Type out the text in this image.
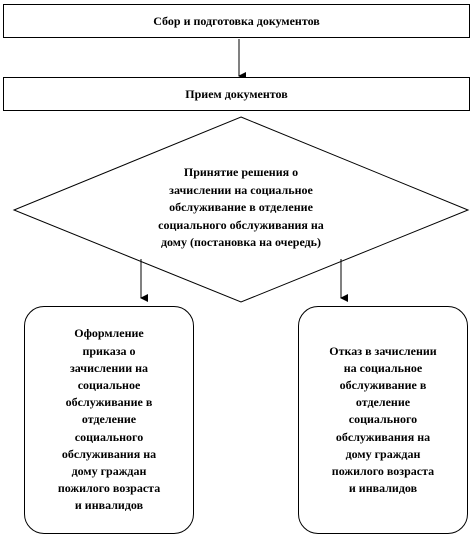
Сбор и подготовка документов
Прием документов
Принятие решения о
зачислении на социальное
обслуживание в отделение
социального обслуживания на
дому (постановка на очередь)
Оформление
приказа о
зачислении на
социальное
обслуживание в
отделение
социального
обслуживания на
дому граждан
пожилого возраста
и инвалидов
Отказ в зачислении
на социальное
обслуживание в
отделение
социального
обслуживания на
дому граждан
пожилого возраста
и инвалидов
